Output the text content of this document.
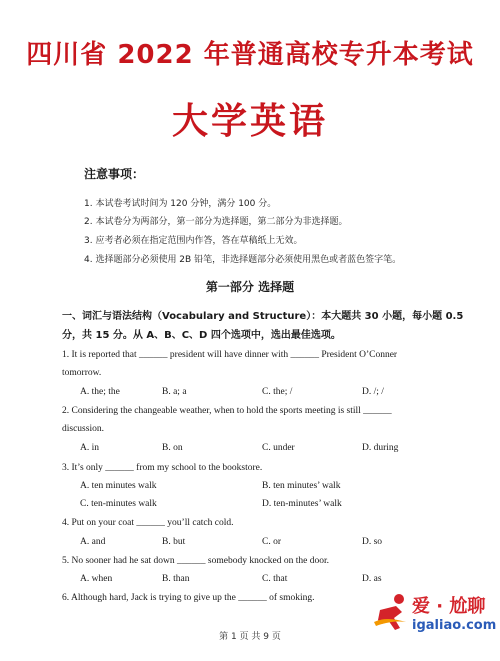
四川省 2022 年普通高校专升本考试
大学英语
注意事项：
1. 本试卷考试时间为 120 分钟，满分 100 分。
2. 本试卷分为两部分，第一部分为选择题，第二部分为非选择题。
3. 应考者必须在指定范围内作答，答在草稿纸上无效。
4. 选择题部分必须使用 2B 铅笔，非选择题部分必须使用黑色或者蓝色签字笔。
第一部分 选择题
一、词汇与语法结构（Vocabulary and Structure）：本大题共 30 小题，每小题 0.5
分，共 15 分。从 A、B、C、D 四个选项中，选出最佳选项。
1. It is reported that ______ president will have dinner with ______ President O’Conner
tomorrow.
A. the; the	B. a; a	C. the; /	D. /; /
2. Considering the changeable weather, when to hold the sports meeting is still ______
discussion.
A. in	B. on	C. under	D. during
3. It’s only ______ from my school to the bookstore.
A. ten minutes walk	B. ten minutes’ walk
C. ten-minutes walk	D. ten-minutes’ walk
4. Put on your coat ______ you’ll catch cold.
A. and	B. but	C. or	D. so
5. No sooner had he sat down ______ somebody knocked on the door.
A. when	B. than	C. that	D. as
6. Although hard, Jack is trying to give up the ______ of smoking.
第 1 页 共 9 页
爱 · 尬聊
igaliao.com
